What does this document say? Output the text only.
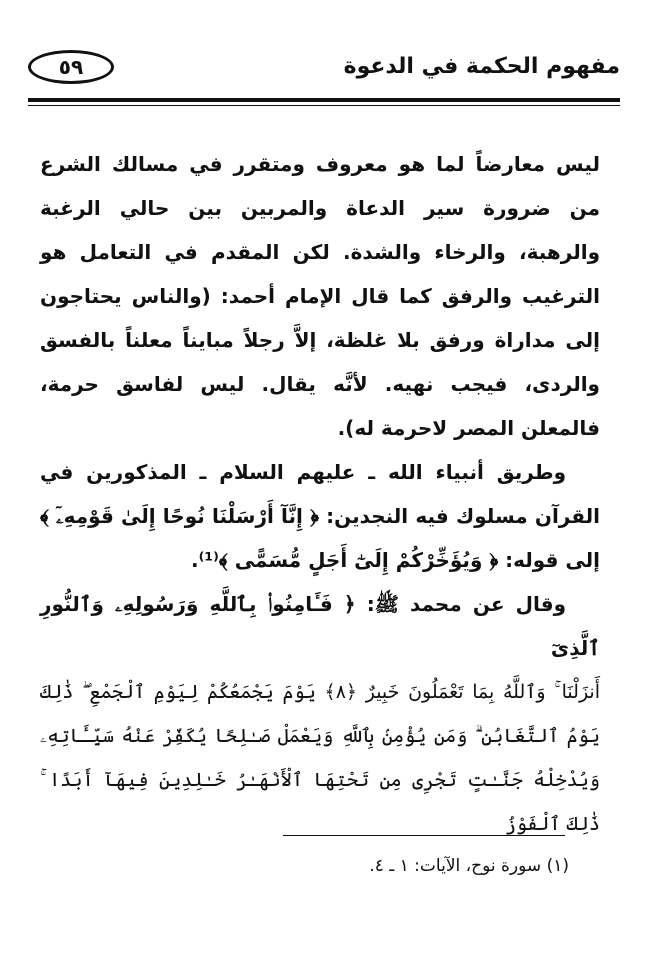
مفهوم الحكمة في الدعوة
٥٩

ليس معارضاً لما هو معروف ومتقرر في مسالك الشرع من ضرورة سير الدعاة والمربين بين حالي الرغبة والرهبة، والرخاء والشدة. لكن المقدم في التعامل هو الترغيب والرفق كما قال الإمام أحمد: (والناس يحتاجون إلى مداراة ورفق بلا غلظة، إلاَّ رجلاً مبايناً معلناً بالفسق والردى، فيجب نهيه. لأنَّه يقال. ليس لفاسق حرمة، فالمعلن المصر لاحرمة له).

وطريق أنبياء الله ـ عليهم السلام ـ المذكورين في القرآن مسلوك فيه النجدين: ﴿ إِنَّآ أَرْسَلْنَا نُوحًا إِلَىٰ قَوْمِهِۦٓ ﴾ إلى قوله: ﴿ وَيُؤَخِّرْكُمْ إِلَىٰٓ أَجَلٍ مُّسَمًّى ﴾⁽¹⁾.

وقال عن محمد ﷺ: ﴿ فَـَٔامِنُوا۟ بِٱللَّهِ وَرَسُولِهِۦ وَٱلنُّورِ ٱلَّذِىٓ

أَنزَلْنَا ۚ وَٱللَّهُ بِمَا تَعْمَلُونَ خَبِيرٌ ﴿٨﴾ يَوْمَ يَجْمَعُكُمْ لِيَوْمِ ٱلْجَمْعِ ۖ ذَٰلِكَ يَوْمُ ٱلتَّغَابُنِ ۗ وَمَن يُؤْمِنۢ بِٱللَّهِ وَيَعْمَلْ صَـٰلِحًا يُكَفِّرْ عَنْهُ سَيِّـَٔاتِهِۦ وَيُدْخِلْهُ جَنَّـٰتٍ تَجْرِى مِن تَحْتِهَا ٱلْأَنْهَـٰرُ خَـٰلِدِينَ فِيهَآ أَبَدًا ۚ ذَٰلِكَ ٱلْفَوْزُ

(١) سورة نوح، الآيات: ١ ـ ٤.
